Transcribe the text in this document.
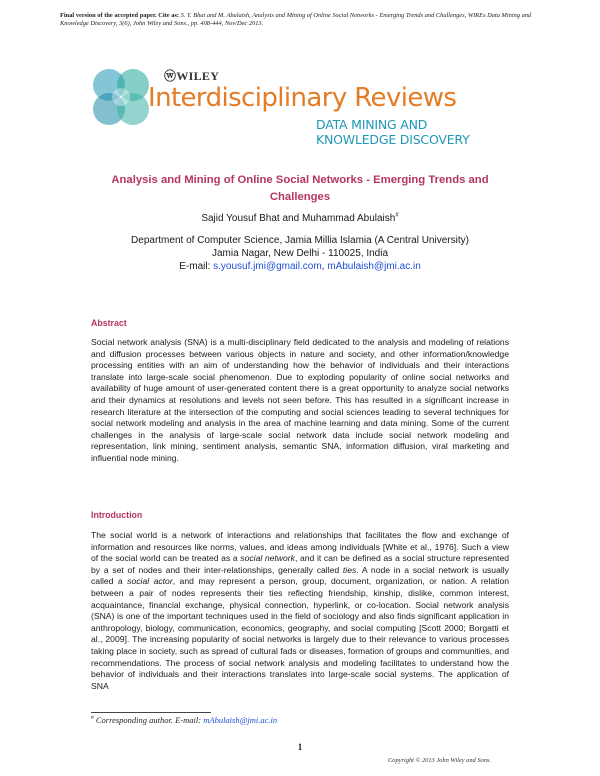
Final version of the accepted paper. Cite as: S. Y. Bhat and M. Abulaish, Analysis and Mining of Online Social Networks - Emerging Trends and Challenges, WIREs Data Mining and Knowledge Discovery, 3(6), John Wiley and Sons., pp. 408-444, Nov/Dec 2013.
ⓦWILEY
Interdisciplinary Reviews
DATA MINING AND
KNOWLEDGE DISCOVERY
Analysis and Mining of Online Social Networks - Emerging Trends and Challenges
Sajid Yousuf Bhat and Muhammad Abulaish#
Department of Computer Science, Jamia Millia Islamia (A Central University)
Jamia Nagar, New Delhi - 110025, India
E-mail: s.yousuf.jmi@gmail.com, mAbulaish@jmi.ac.in
Abstract
Social network analysis (SNA) is a multi-disciplinary field dedicated to the analysis and modeling of relations and diffusion processes between various objects in nature and society, and other information/knowledge processing entities with an aim of understanding how the behavior of individuals and their interactions translate into large-scale social phenomenon. Due to exploding popularity of online social networks and availability of huge amount of user-generated content there is a great opportunity to analyze social networks and their dynamics at resolutions and levels not seen before. This has resulted in a significant increase in research literature at the intersection of the computing and social sciences leading to several techniques for social network modeling and analysis in the area of machine learning and data mining. Some of the current challenges in the analysis of large-scale social network data include social network modeling and representation, link mining, sentiment analysis, semantic SNA, information diffusion, viral marketing and influential node mining.
Introduction
The social world is a network of interactions and relationships that facilitates the flow and exchange of information and resources like norms, values, and ideas among individuals [White et al., 1976]. Such a view of the social world can be treated as a social network, and it can be defined as a social structure represented by a set of nodes and their inter-relationships, generally called ties. A node in a social network is usually called a social actor, and may represent a person, group, document, organization, or nation. A relation between a pair of nodes represents their ties reflecting friendship, kinship, dislike, common interest, acquaintance, financial exchange, physical connection, hyperlink, or co-location. Social network analysis (SNA) is one of the important techniques used in the field of sociology and also finds significant application in anthropology, biology, communication, economics, geography, and social computing [Scott 2000; Borgatti et al., 2009]. The increasing popularity of social networks is largely due to their relevance to various processes taking place in society, such as spread of cultural fads or diseases, formation of groups and communities, and recommendations. The process of social network analysis and modeling facilitates to understand how the behavior of individuals and their interactions translates into large-scale social systems. The application of SNA
# Corresponding author. E-mail: mAbulaish@jmi.ac.in
1
Copyright © 2013 John Wiley and Sons.
